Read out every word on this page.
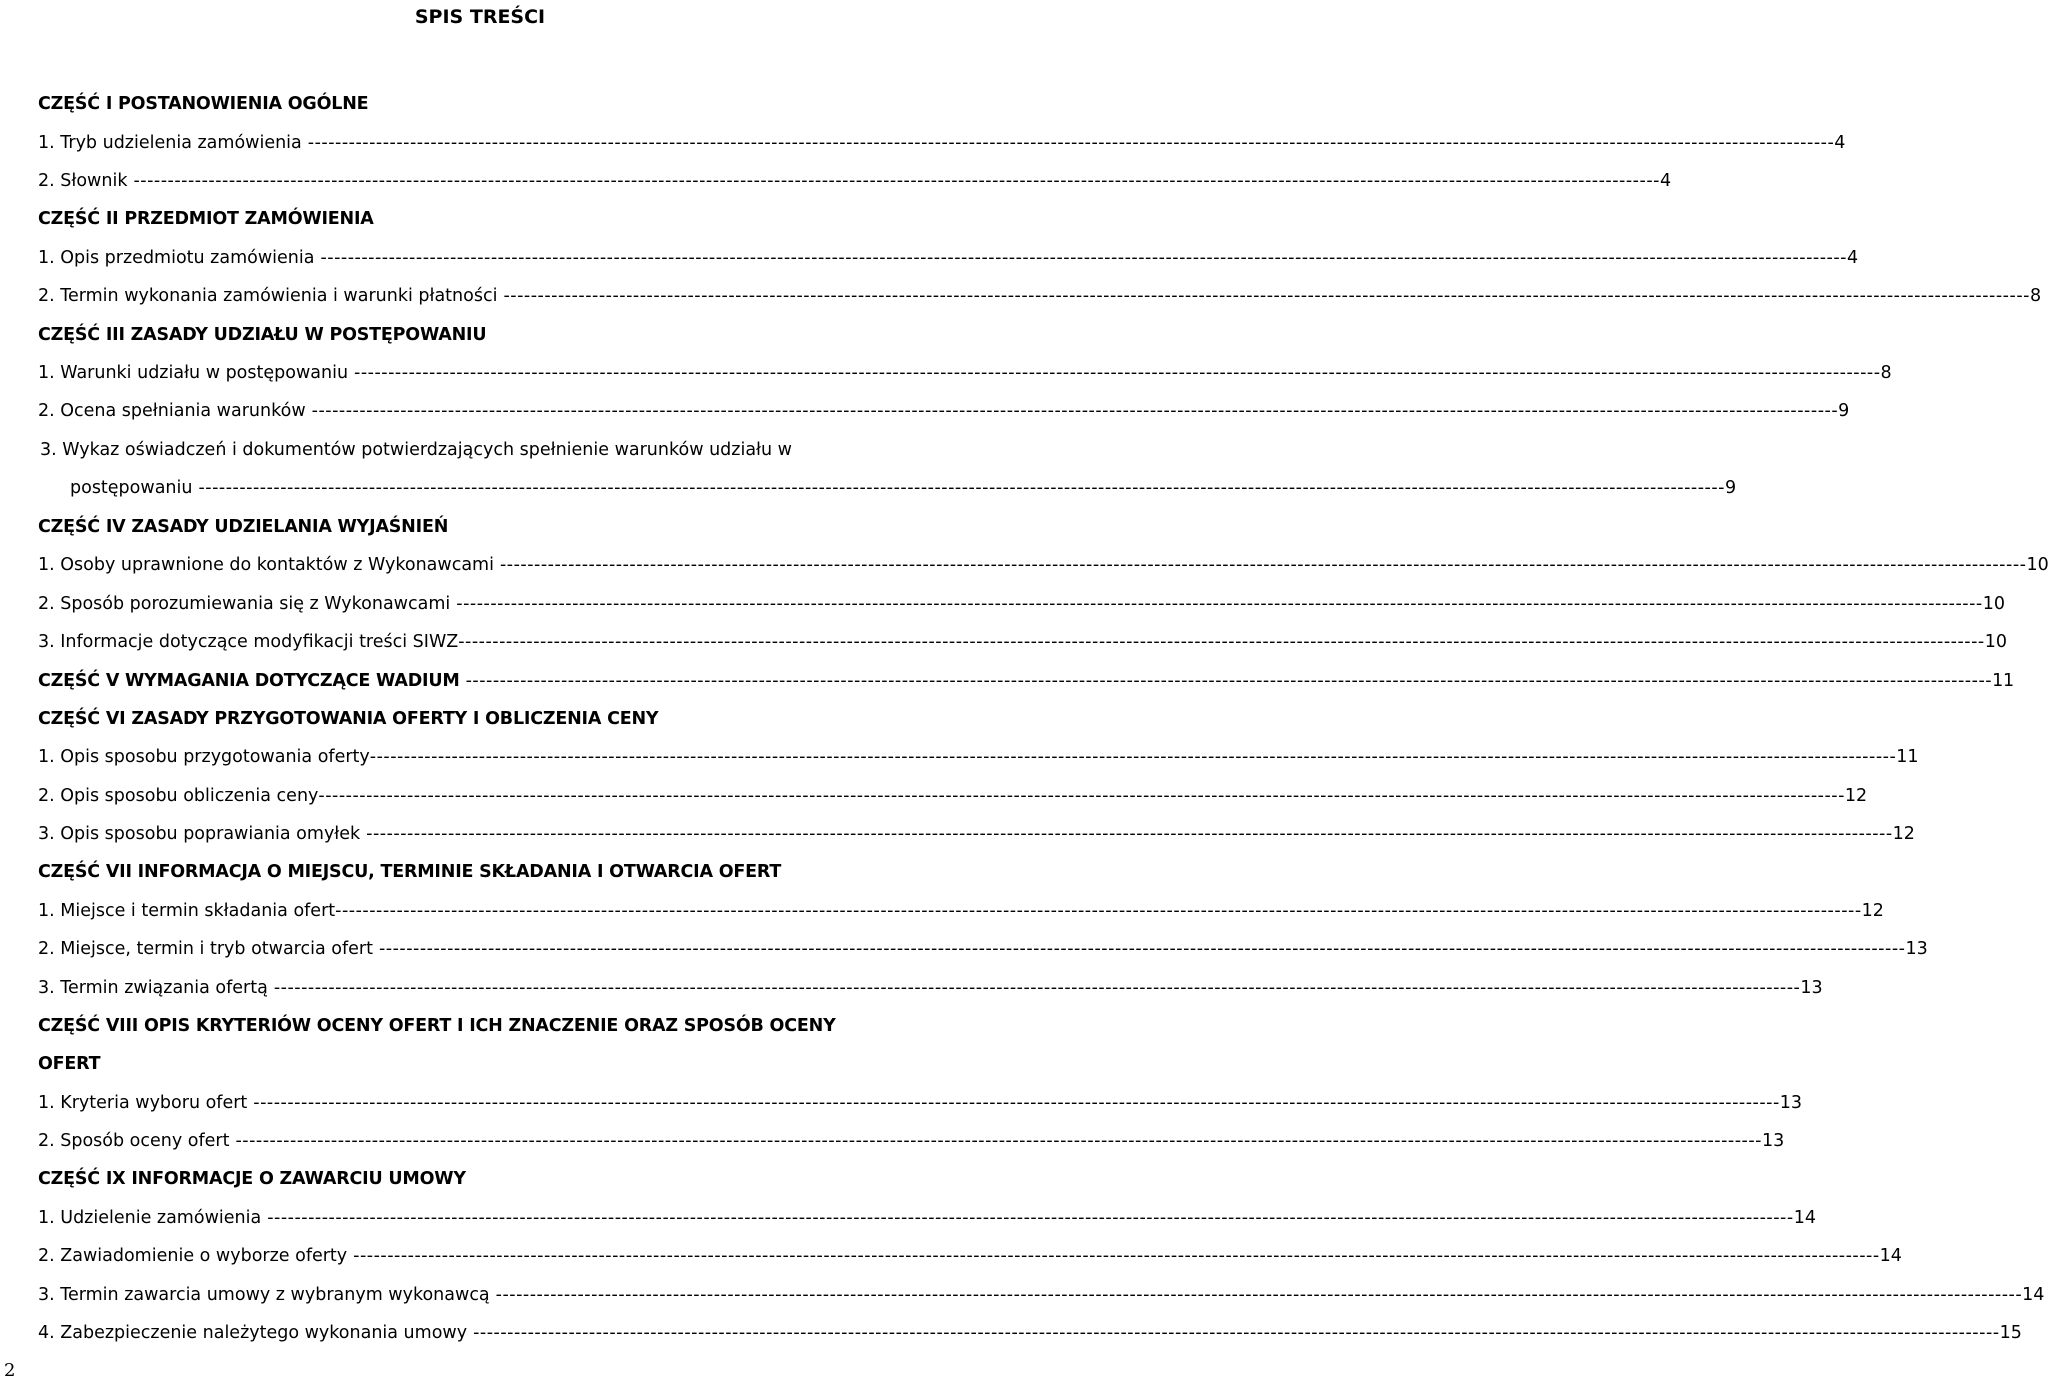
SPIS TREŚCI
CZĘŚĆ I POSTANOWIENIA OGÓLNE
1. Tryb udzielenia zamówienia -------------------------------------------------------------------------------------------------------------------------------------------------------------------------------------------------------------------------------- 4
2. Słownik -------------------------------------------------------------------------------------------------------------------------------------------------------------------------------------------------------------------------------- 4
CZĘŚĆ II PRZEDMIOT ZAMÓWIENIA
1. Opis przedmiotu zamówienia -------------------------------------------------------------------------------------------------------------------------------------------------------------------------------------------------------------------------------- 4
2. Termin wykonania zamówienia i warunki płatności -------------------------------------------------------------------------------------------------------------------------------------------------------------------------------------------------------------------------------- 8
CZĘŚĆ III ZASADY UDZIAŁU W POSTĘPOWANIU
1. Warunki udziału w postępowaniu -------------------------------------------------------------------------------------------------------------------------------------------------------------------------------------------------------------------------------- 8
2. Ocena spełniania warunków -------------------------------------------------------------------------------------------------------------------------------------------------------------------------------------------------------------------------------- 9
3. Wykaz oświadczeń i dokumentów potwierdzających spełnienie warunków udziału w
postępowaniu -------------------------------------------------------------------------------------------------------------------------------------------------------------------------------------------------------------------------------- 9
CZĘŚĆ IV ZASADY UDZIELANIA WYJAŚNIEŃ
1. Osoby uprawnione do kontaktów z Wykonawcami -------------------------------------------------------------------------------------------------------------------------------------------------------------------------------------------------------------------------------- 10
2. Sposób porozumiewania się z Wykonawcami -------------------------------------------------------------------------------------------------------------------------------------------------------------------------------------------------------------------------------- 10
3. Informacje dotyczące modyfikacji treści SIWZ -------------------------------------------------------------------------------------------------------------------------------------------------------------------------------------------------------------------------------- 10
CZĘŚĆ V WYMAGANIA DOTYCZĄCE WADIUM -------------------------------------------------------------------------------------------------------------------------------------------------------------------------------------------------------------------------------- 11
CZĘŚĆ VI ZASADY PRZYGOTOWANIA OFERTY I OBLICZENIA CENY
1. Opis sposobu przygotowania oferty -------------------------------------------------------------------------------------------------------------------------------------------------------------------------------------------------------------------------------- 11
2. Opis sposobu obliczenia ceny -------------------------------------------------------------------------------------------------------------------------------------------------------------------------------------------------------------------------------- 12
3. Opis sposobu poprawiania omyłek -------------------------------------------------------------------------------------------------------------------------------------------------------------------------------------------------------------------------------- 12
CZĘŚĆ VII INFORMACJA O MIEJSCU, TERMINIE SKŁADANIA I OTWARCIA OFERT
1. Miejsce i termin składania ofert -------------------------------------------------------------------------------------------------------------------------------------------------------------------------------------------------------------------------------- 12
2. Miejsce, termin i tryb otwarcia ofert -------------------------------------------------------------------------------------------------------------------------------------------------------------------------------------------------------------------------------- 13
3. Termin związania ofertą -------------------------------------------------------------------------------------------------------------------------------------------------------------------------------------------------------------------------------- 13
CZĘŚĆ VIII OPIS KRYTERIÓW OCENY OFERT I ICH ZNACZENIE ORAZ SPOSÓB OCENY
OFERT
1. Kryteria wyboru ofert -------------------------------------------------------------------------------------------------------------------------------------------------------------------------------------------------------------------------------- 13
2. Sposób oceny ofert -------------------------------------------------------------------------------------------------------------------------------------------------------------------------------------------------------------------------------- 13
CZĘŚĆ IX INFORMACJE O ZAWARCIU UMOWY
1. Udzielenie zamówienia -------------------------------------------------------------------------------------------------------------------------------------------------------------------------------------------------------------------------------- 14
2. Zawiadomienie o wyborze oferty -------------------------------------------------------------------------------------------------------------------------------------------------------------------------------------------------------------------------------- 14
3. Termin zawarcia umowy z wybranym wykonawcą -------------------------------------------------------------------------------------------------------------------------------------------------------------------------------------------------------------------------------- 14
4. Zabezpieczenie należytego wykonania umowy -------------------------------------------------------------------------------------------------------------------------------------------------------------------------------------------------------------------------------- 15
2
